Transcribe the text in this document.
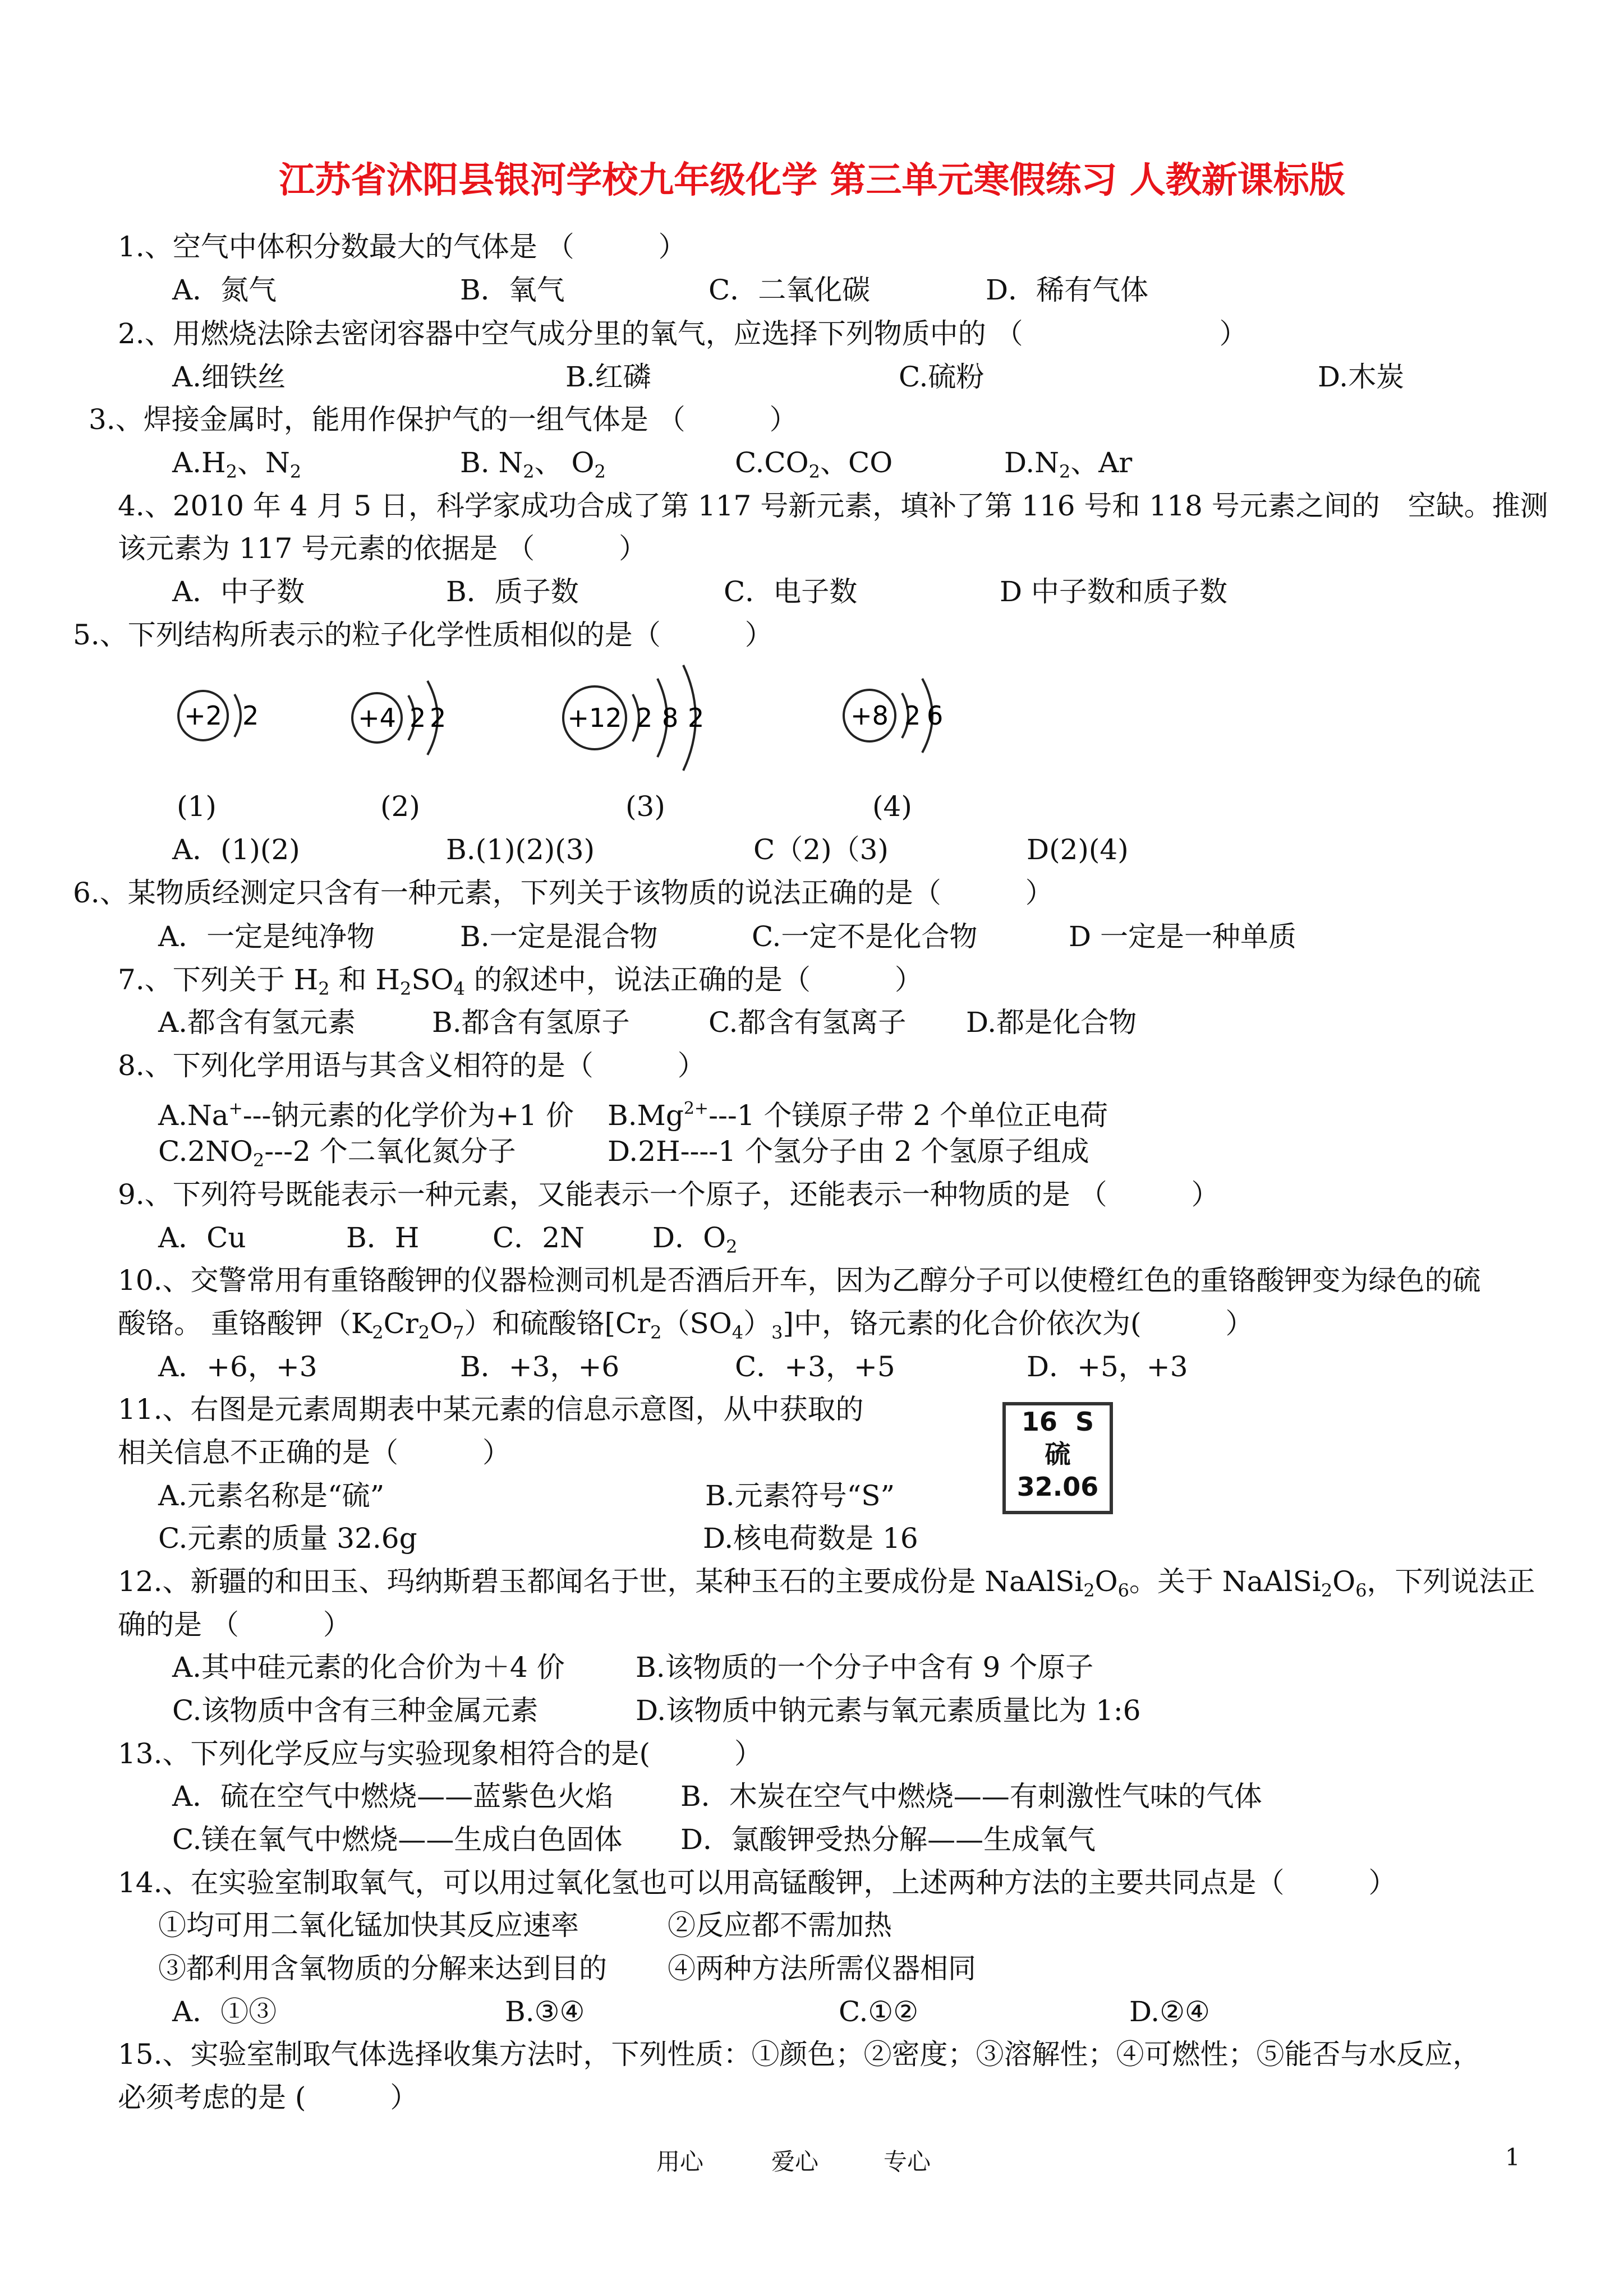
江苏省沭阳县银河学校九年级化学 第三单元寒假练习 人教新课标版
1.、空气中体积分数最大的气体是 （　　　）
A．氮气	B．氧气	C．二氧化碳	D．稀有气体
2.、用燃烧法除去密闭容器中空气成分里的氧气，应选择下列物质中的 （　　　　　　　）
A.细铁丝	B.红磷	C.硫粉	D.木炭
3.、焊接金属时，能用作保护气的一组气体是 （　　　）
$A.H_2$、$N_2$	B. $N_2$、 $O_2$	$C.CO_2$、CO	$D.N_2$、Ar
4.、2010 年 4 月 5 日，科学家成功合成了第 117 号新元素，填补了第 116 号和 118 号元素之间的　空缺。推测
该元素为 117 号元素的依据是 （　　　）
A．中子数	B．质子数	C．电子数	D 中子数和质子数
5.、下列结构所表示的粒子化学性质相似的是（　　　）
+2 2	+4 2 2	+12 2 8 2	+8 2 6
(1)	(2)	(3)	(4)
A．(1)(2)	B.(1)(2)(3)	C（2)（3)	D(2)(4)
6.、某物质经测定只含有一种元素，下列关于该物质的说法正确的是（　　　）
A．一定是纯净物	B.一定是混合物	C.一定不是化合物	D 一定是一种单质
7.、下列关于 $H_2$ 和 $H_2SO_4$ 的叙述中，说法正确的是（　　　）
A.都含有氢元素	B.都含有氢原子	C.都含有氢离子 D.都是化合物
8.、下列化学用语与其含义相符的是（　　　）
A.Na+---钠元素的化学价为+1 价 $B.Mg^{2+}---1$ 个镁原子带 2 个单位正电荷
$C.2NO_2---2$ 个二氧化氮分子	D.2H----1 个氢分子由 2 个氢原子组成
9.、下列符号既能表示一种元素，又能表示一个原子，还能表示一种物质的是 （　　　）
A．Cu	B．H	C．2N D．$O_2$
10.、交警常用有重铬酸钾的仪器检测司机是否酒后开车，因为乙醇分子可以使橙红色的重铬酸钾变为绿色的硫
酸铬。 重铬酸钾$(K_2Cr_2O_7)$和硫酸铬$[Cr_2(SO_4)_3]$中，铬元素的化合价依次为(　　　）
A．+6，+3	B．+3，+6	C．+3，+5	D．+5，+3
11.、右图是元素周期表中某元素的信息示意图，从中获取的
相关信息不正确的是（　　　）
A.元素名称是“硫”	B.元素符号“S”
C.元素的质量 32.6g	D.核电荷数是 16
16 S
硫
32.06
12.、新疆的和田玉、玛纳斯碧玉都闻名于世，某种玉石的主要成份是 $NaAlSi_2O_6$。关于 $NaAlSi_2O_6$，下列说法正
确的是 （　　　）
A.其中硅元素的化合价为＋4 价	B.该物质的一个分子中含有 9 个原子
C.该物质中含有三种金属元素	D.该物质中钠元素与氧元素质量比为 1:6
13.、下列化学反应与实验现象相符合的是(　　　）
A．硫在空气中燃烧——蓝紫色火焰 B．木炭在空气中燃烧——有刺激性气味的气体
C.镁在氧气中燃烧——生成白色固体 D．氯酸钾受热分解——生成氧气
14.、在实验室制取氧气，可以用过氧化氢也可以用高锰酸钾，上述两种方法的主要共同点是（　　　）
①均可用二氧化锰加快其反应速率	②反应都不需加热
③都利用含氧物质的分解来达到目的 ④两种方法所需仪器相同
A．①③	B.③④	C.①②	D.②④
15.、实验室制取气体选择收集方法时，下列性质：①颜色；②密度；③溶解性；④可燃性；⑤能否与水反应，
必须考虑的是 (　　　）
用心	爱心	专心	1
